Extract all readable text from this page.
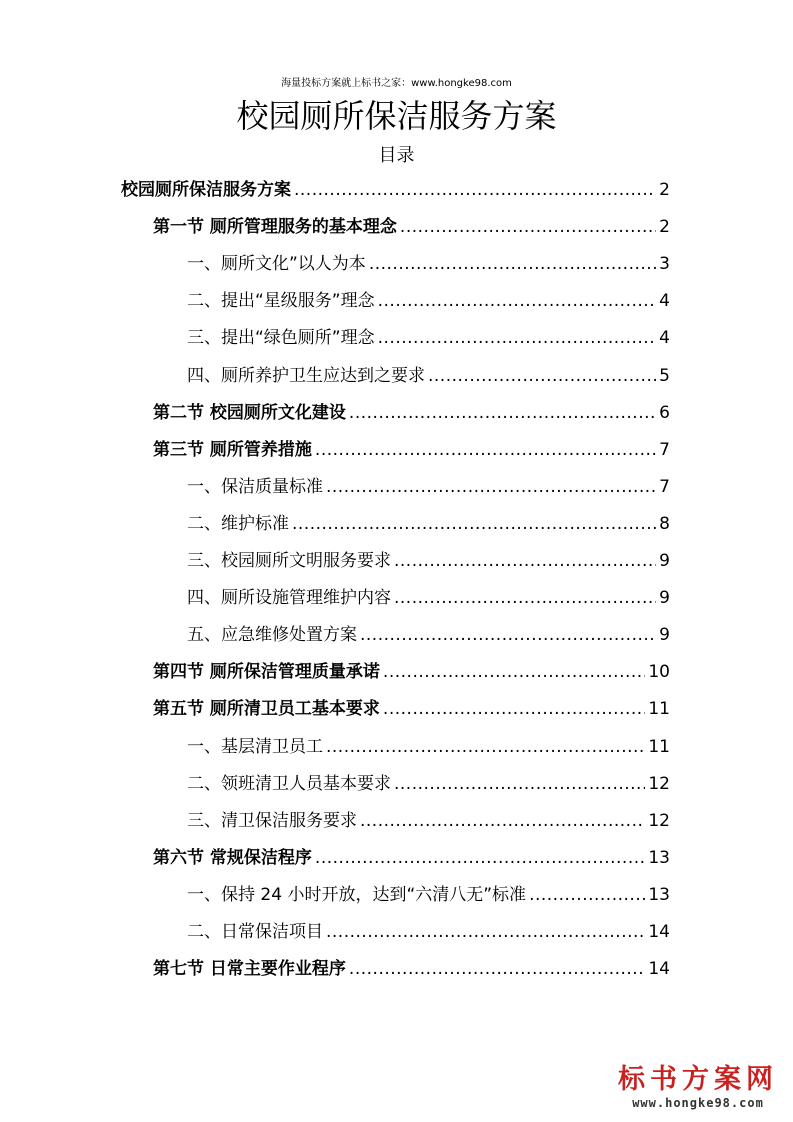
海量投标方案就上标书之家：www.hongke98.com
校园厕所保洁服务方案
目录
校园厕所保洁服务方案 .....	2
第一节 厕所管理服务的基本理念 .....	2
一、厕所文化”以人为本 .....	3
二、提出“星级服务”理念 .....	4
三、提出“绿色厕所”理念 .....	4
四、厕所养护卫生应达到之要求 .....	5
第二节 校园厕所文化建设 .....	6
第三节 厕所管养措施 .....	7
一、保洁质量标准 .....	7
二、维护标准 .....	8
三、校园厕所文明服务要求 .....	9
四、厕所设施管理维护内容 .....	9
五、应急维修处置方案 .....	9
第四节 厕所保洁管理质量承诺 .....	10
第五节 厕所清卫员工基本要求 .....	11
一、基层清卫员工 .....	11
二、领班清卫人员基本要求 .....	12
三、清卫保洁服务要求 .....	12
第六节 常规保洁程序 .....	13
一、保持 24 小时开放，达到“六清八无”标准 .....	13
二、日常保洁项目 .....	14
第七节 日常主要作业程序 .....	14
标书方案网
www.hongke98.com
